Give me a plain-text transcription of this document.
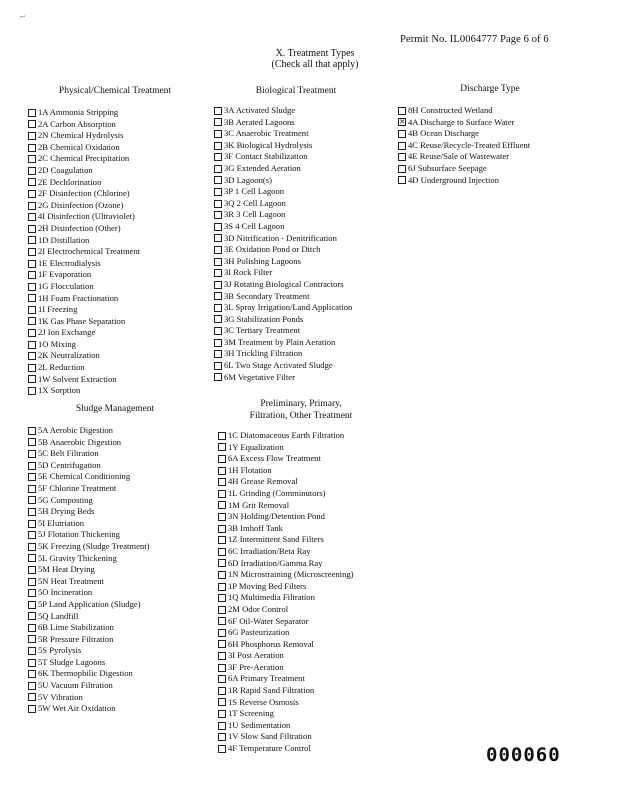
~
Permit No. IL0064777 Page 6 of 6
X. Treatment Types
(Check all that apply)
Physical/Chemical Treatment	Biological Treatment	Discharge Type
Sludge Management	Preliminary, Primary,
Filtration, Other Treatment
1A Ammonia Stripping
2A Carbon Absorption
2N Chemical Hydrolysis
2B Chemical Oxidation
2C Chemical Precipitation
2D Coagulation
2E Dechlorination
2F Disinfection (Chlorine)
2G Disinfection (Ozone)
4I Disinfection (Ultraviolet)
2H Disinfection (Other)
1D Distillation
2I Electrochemical Treatment
1E Electrodialysis
1F Evaporation
1G Flocculation
1H Foam Fractionation
1I Freezing
1K Gas Phase Separation
2J Ion Exchange
1O Mixing
2K Neutralization
2L Reduction
1W Solvent Extraction
1X Sorption
5A Aerobic Digestion
5B Anaerobic Digestion
5C Belt Filtration
5D Centrifugation
5E Chemical Conditioning
5F Chlorine Treatment
5G Composting
5H Drying Beds
5I Elutriation
5J Flotation Thickening
5K Freezing (Sludge Treatment)
5L Gravity Thickening
5M Heat Drying
5N Heat Treatment
5O Incineration
5P Land Application (Sludge)
5Q Landfill
6B Lime Stabilization
5R Pressure Filtration
5S Pyrolysis
5T Sludge Lagoons
6K Thermophilic Digestion
5U Vacuum Filtration
5V Vibration
5W Wet Air Oxidation
3A Activated Sludge
3B Aerated Lagoons
3C Anaerobic Treatment
3K Biological Hydrolysis
3F Contact Stabilization
3G Extended Aeration
3D Lagoon(s)
3P 1 Cell Lagoon
3Q 2 Cell Lagoon
3R 3 Cell Lagoon
3S 4 Cell Lagoon
3D Nitrification - Denitrification
3E Oxidation Pond or Ditch
3H Polishing Lagoons
3I Rock Filter
3J Rotating Biological Contractors
3B Secondary Treatment
3L Spray Irrigation/Land Application
3G Stabilization Ponds
3C Tertiary Treatment
3M Treatment by Plain Aeration
3H Trickling Filtration
6L Two Stage Activated Sludge
6M Vegetative Filter
1C Diatomaceous Earth Filtration
1Y Equalization
6A Excess Flow Treatment
1H Flotation
4H Grease Removal
1L Grinding (Comminutors)
1M Grit Removal
3N Holding/Detention Pond
3B Imhoff Tank
1Z Intermittent Sand Filters
6C Irradiation/Beta Ray
6D Irradiation/Gamma Ray
1N Microstraining (Microscreening)
1P Moving Bed Filters
1Q Multimedia Filtration
2M Odor Control
6F Oil-Water Separator
6G Pasteurization
6H Phosphorus Removal
3I Post Aeration
3F Pre-Aeration
6A Primary Treatment
1R Rapid Sand Filtration
1S Reverse Osmosis
1T Screening
1U Sedimentation
1V Slow Sand Filtration
4F Temperature Control
8H Constructed Wetland
✕ 4A Discharge to Surface Water
4B Ocean Discharge
4C Reuse/Recycle-Treated Effluent
4E Reuse/Sale of Wastewater
6J Subsurface Seepage
4D Underground Injection
000060
